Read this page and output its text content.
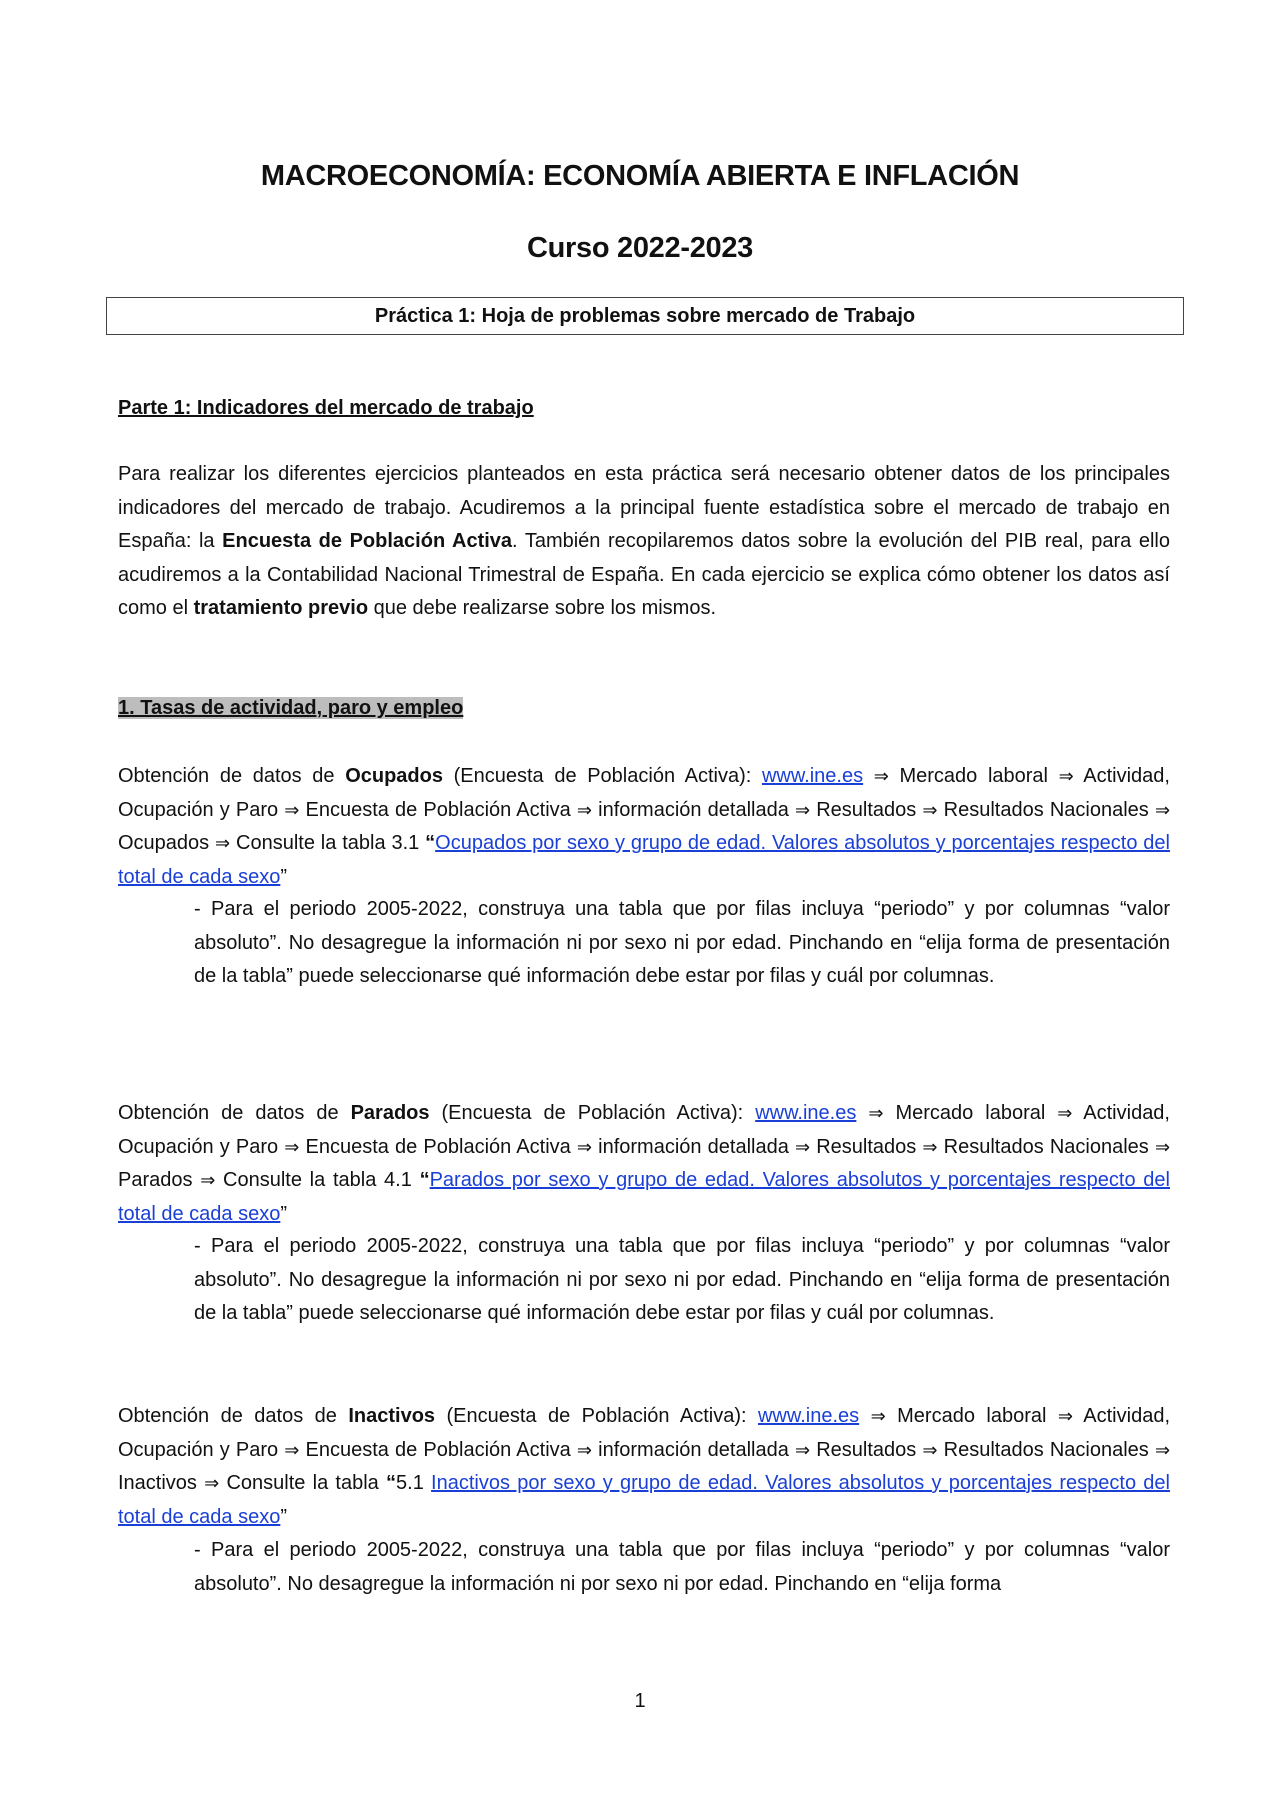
MACROECONOMÍA: ECONOMÍA ABIERTA E INFLACIÓN
Curso 2022-2023
Práctica 1: Hoja de problemas sobre mercado de Trabajo
Parte 1: Indicadores del mercado de trabajo
Para realizar los diferentes ejercicios planteados en esta práctica será necesario obtener datos de los principales indicadores del mercado de trabajo. Acudiremos a la principal fuente estadística sobre el mercado de trabajo en España: la Encuesta de Población Activa. También recopilaremos datos sobre la evolución del PIB real, para ello acudiremos a la Contabilidad Nacional Trimestral de España. En cada ejercicio se explica cómo obtener los datos así como el tratamiento previo que debe realizarse sobre los mismos.
1. Tasas de actividad, paro y empleo
Obtención de datos de Ocupados (Encuesta de Población Activa): www.ine.es ⇒ Mercado laboral ⇒ Actividad, Ocupación y Paro ⇒ Encuesta de Población Activa ⇒ información detallada ⇒ Resultados ⇒ Resultados Nacionales ⇒ Ocupados ⇒ Consulte la tabla 3.1 “Ocupados por sexo y grupo de edad. Valores absolutos y porcentajes respecto del total de cada sexo”
- Para el periodo 2005-2022, construya una tabla que por filas incluya “periodo” y por columnas “valor absoluto”. No desagregue la información ni por sexo ni por edad. Pinchando en “elija forma de presentación de la tabla” puede seleccionarse qué información debe estar por filas y cuál por columnas.
Obtención de datos de Parados (Encuesta de Población Activa): www.ine.es ⇒ Mercado laboral ⇒ Actividad, Ocupación y Paro ⇒ Encuesta de Población Activa ⇒ información detallada ⇒ Resultados ⇒ Resultados Nacionales ⇒ Parados ⇒ Consulte la tabla 4.1 “Parados por sexo y grupo de edad. Valores absolutos y porcentajes respecto del total de cada sexo”
- Para el periodo 2005-2022, construya una tabla que por filas incluya “periodo” y por columnas “valor absoluto”. No desagregue la información ni por sexo ni por edad. Pinchando en “elija forma de presentación de la tabla” puede seleccionarse qué información debe estar por filas y cuál por columnas.
Obtención de datos de Inactivos (Encuesta de Población Activa): www.ine.es ⇒ Mercado laboral ⇒ Actividad, Ocupación y Paro ⇒ Encuesta de Población Activa ⇒ información detallada ⇒ Resultados ⇒ Resultados Nacionales ⇒ Inactivos ⇒ Consulte la tabla “5.1 Inactivos por sexo y grupo de edad. Valores absolutos y porcentajes respecto del total de cada sexo”
- Para el periodo 2005-2022, construya una tabla que por filas incluya “periodo” y por columnas “valor absoluto”. No desagregue la información ni por sexo ni por edad. Pinchando en “elija forma
1
